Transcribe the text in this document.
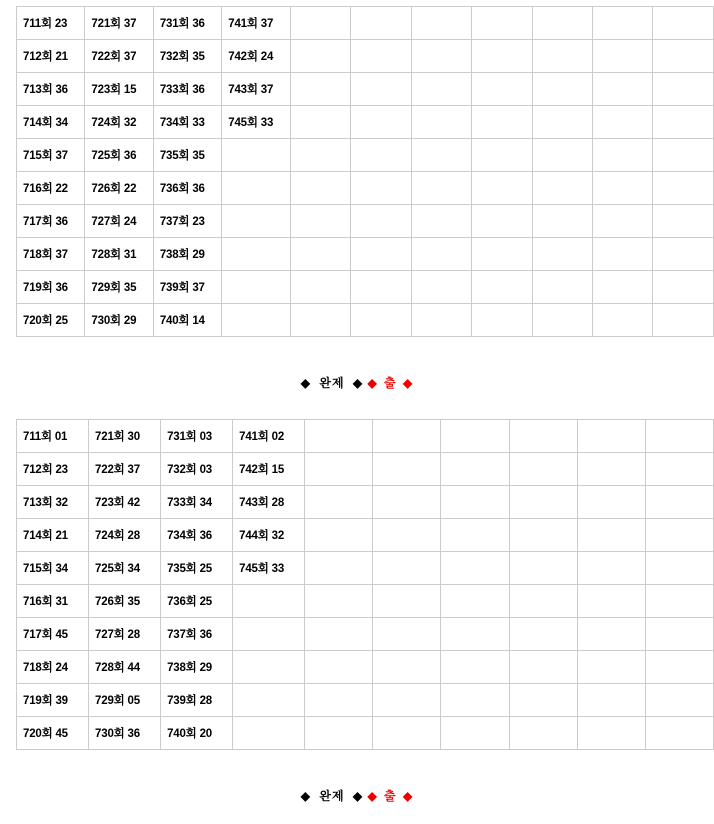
711회 23	721회 37	731회 36	741회 37							
712회 21	722회 37	732회 35	742회 24							
713회 36	723회 15	733회 36	743회 37							
714회 34	724회 32	734회 33	745회 33							
715회 37	725회 36	735회 35								
716회 22	726회 22	736회 36								
717회 36	727회 24	737회 23								
718회 37	728회 31	738회 29								
719회 36	729회 35	739회 37								
720회 25	730회 29	740회 14								
◆ 완제 ◆ ◆ 출 ◆
711회 01	721회 30	731회 03	741회 02						
712회 23	722회 37	732회 03	742회 15						
713회 32	723회 42	733회 34	743회 28						
714회 21	724회 28	734회 36	744회 32						
715회 34	725회 34	735회 25	745회 33						
716회 31	726회 35	736회 25							
717회 45	727회 28	737회 36							
718회 24	728회 44	738회 29							
719회 39	729회 05	739회 28							
720회 45	730회 36	740회 20							
◆ 완제 ◆ ◆ 출 ◆
